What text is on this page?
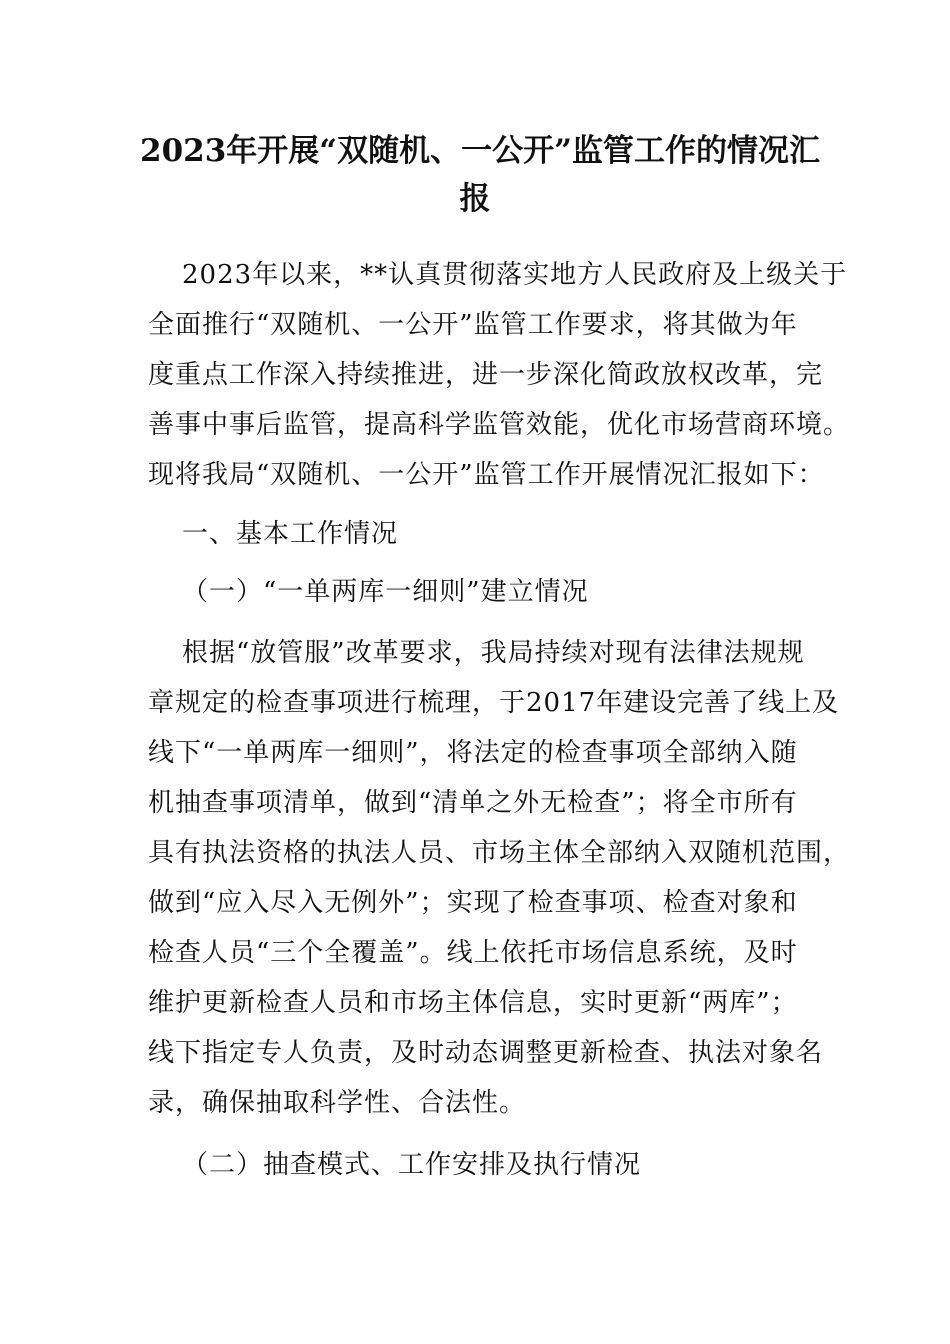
2023年开展“双随机、一公开”监管工作的情况汇
报
2023年以来，**认真贯彻落实地方人民政府及上级关于
全面推行“双随机、一公开”监管工作要求，将其做为年
度重点工作深入持续推进，进一步深化简政放权改革，完
善事中事后监管，提高科学监管效能，优化市场营商环境。
现将我局“双随机、一公开”监管工作开展情况汇报如下：
一、基本工作情况
（一）“一单两库一细则”建立情况
根据“放管服”改革要求，我局持续对现有法律法规规
章规定的检查事项进行梳理，于2017年建设完善了线上及
线下“一单两库一细则”，将法定的检查事项全部纳入随
机抽查事项清单，做到“清单之外无检查”；将全市所有
具有执法资格的执法人员、市场主体全部纳入双随机范围，
做到“应入尽入无例外”；实现了检查事项、检查对象和
检查人员“三个全覆盖”。线上依托市场信息系统，及时
维护更新检查人员和市场主体信息，实时更新“两库”；
线下指定专人负责，及时动态调整更新检查、执法对象名
录，确保抽取科学性、合法性。
（二）抽查模式、工作安排及执行情况
